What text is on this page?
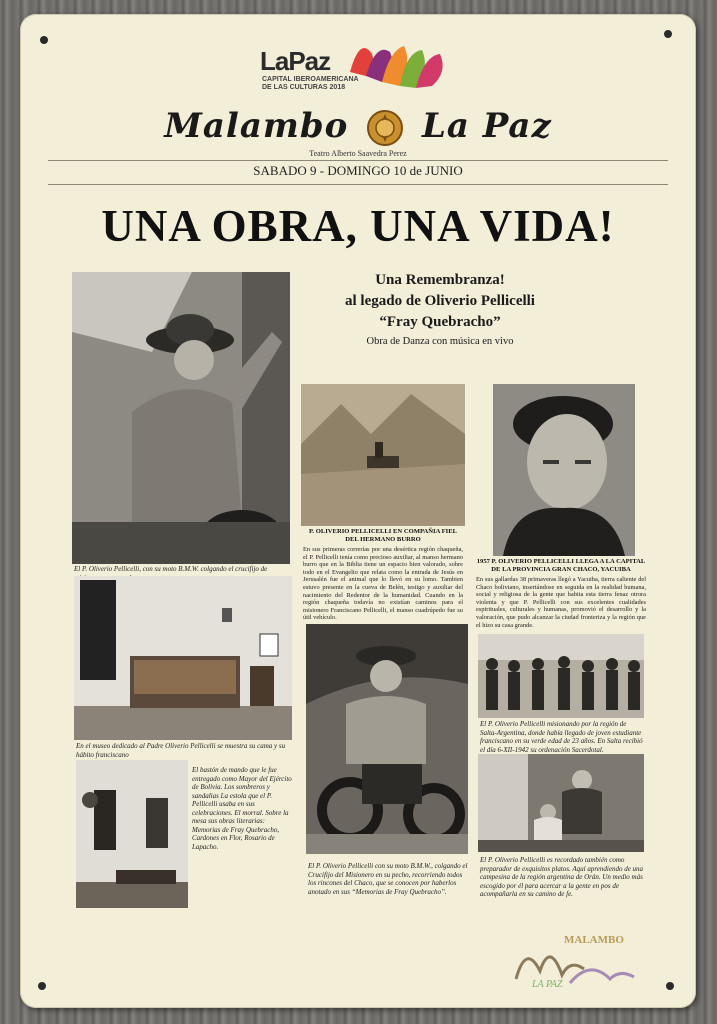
LaPaz
CAPITAL IBEROAMERICANA
DE LAS CULTURAS 2018
Malambo La Paz
Teatro Alberto Saavedra Perez
SABADO 9 - DOMINGO 10 de JUNIO
UNA OBRA, UNA VIDA!
El P. Oliverio Pellicelli, con su moto B.M.W. colgando el crucifijo de
Una Remembranza!
al legado de Oliverio Pellicelli
“Fray Quebracho”
Obra de Danza con música en vivo
P. OLIVERIO PELLICELLI EN COMPAÑIA FIEL DEL HERMANO BURRO
En sus primeras correrías por una desértica región chaqueña, el P. Pellicelli tenía como precioso auxiliar, al manso hermano burro que en la Biblia tiene un espacio bien valorado, sobre todo en el Evangelio que relata como la entrada de Jesús en Jerusalén fue el animal que lo llevó en su lomo. Tambien estuvo presente en la cueva de Belén, testigo y auxiliar del nacimiento del Redentor de la humanidad. Cuando en la región chaqueña todavía no existían caminos para el misionero Franciscano Pellicelli, el manso cuadrúpedo fue su útil vehículo.
1957 P. OLIVERIO PELLICELLI LLEGA A LA CAPITAL DE LA PROVINCIA GRAN CHACO, YACUIBA
En sus gallardas 38 primaveras llegó a Yacuiba, tierra caliente del Chaco boliviano, insertándose en seguida en la realidad humana, social y religiosa de la gente que habita esta tierra fenaz otrora violenta y que P. Pellicelli con sus excelentes cualidades espirituales, culturales y humanas, promovió el desarrollo y la valoración, que pudo alcanzar la ciudad fronteriza y la región que el hizo su casa grande.
En el museo dedicado al Padre Oliverio Pellicelli se muestra su cama y su hábito franciscano
El bastón de mando que le fue entregado como Mayor del Ejército de Bolivia. Los sombreros y sandalias La estola que el P. Pellicelli usaba en sus celebraciones. El morral. Sobre la mesa sus obras literarias: Memorias de Fray Quebracho, Cardones en Flor, Rosario de Lapacho.
El P. Oliverio Pellicelli con su moto B.M.W., colgando el Crucifijo del Misionero en su pecho, recorriendo todos los rincones del Chaco, que se conocen por haberlos anotado en sus “Memorias de Fray Quebracho”.
El P. Oliverio Pellicelli misionando por la región de Salta-Argentina, donde había llegado de joven estudiante franciscano en su verde edad de 23 años. En Salta recibió el día 6-XII-1942 su ordenación Sacerdotal.
El P. Oliverio Pellicelli es recordado también como preparador de exquisitos platos. Aquí aprendiendo de una campesina de la región argentina de Orán. Un medio más escogido por él para acercar a la gente en pos de acompañarla en su camino de fe.
MALAMBO
LA PAZ
